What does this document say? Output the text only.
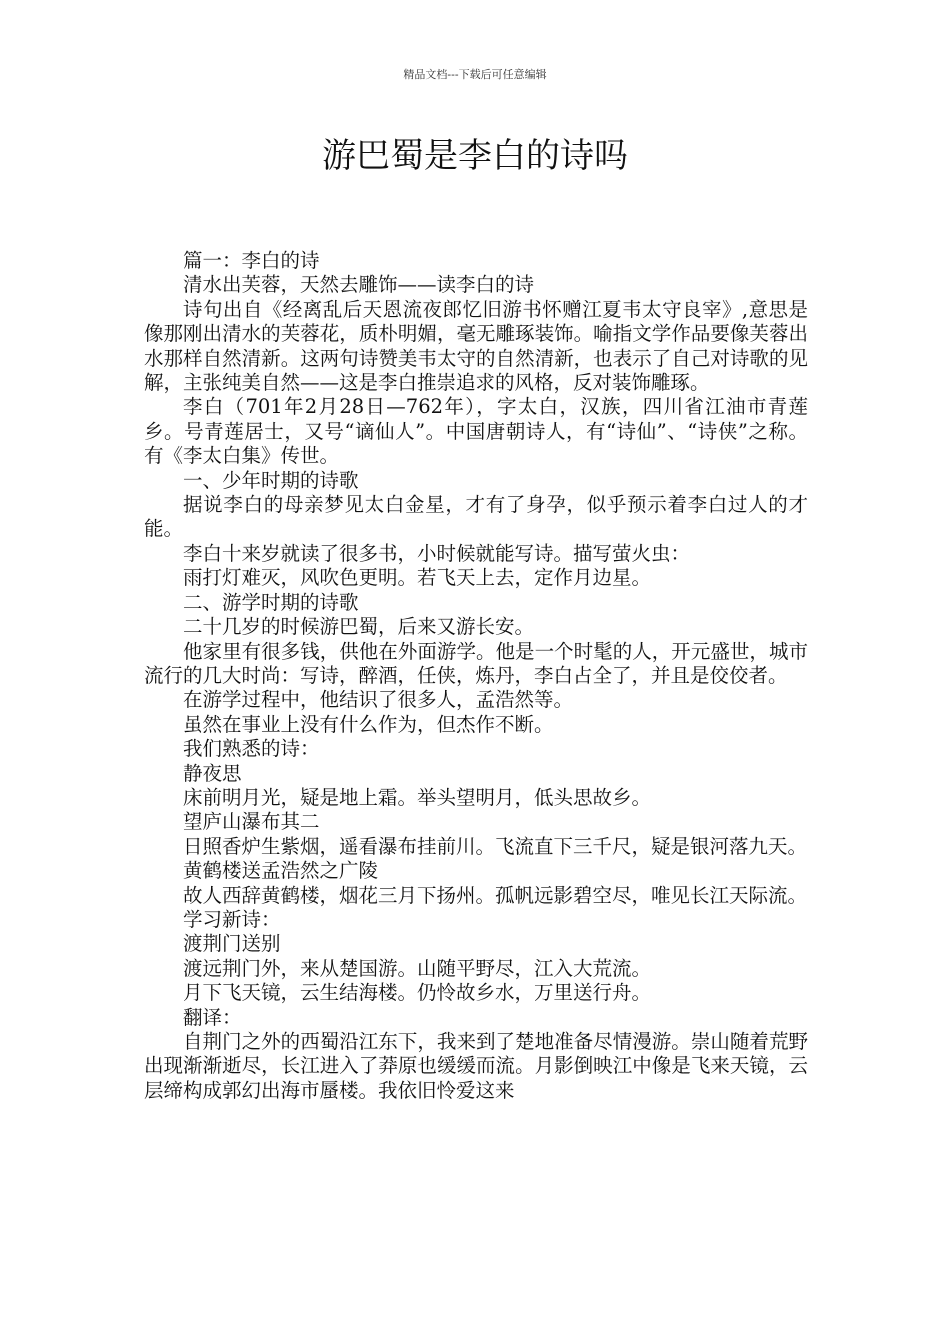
精品文档---下载后可任意编辑
游巴蜀是李白的诗吗

篇一：李白的诗

清水出芙蓉，天然去雕饰——读李白的诗

诗句出自《经离乱后天恩流夜郎忆旧游书怀赠江夏韦太守良宰》,意思是像那刚出清水的芙蓉花，质朴明媚，毫无雕琢装饰。喻指文学作品要像芙蓉出水那样自然清新。这两句诗赞美韦太守的自然清新，也表示了自己对诗歌的见解，主张纯美自然——这是李白推崇追求的风格，反对装饰雕琢。

李白（701年2月28日—762年），字太白，汉族，四川省江油市青莲乡。号青莲居士，又号“谪仙人”。中国唐朝诗人，有“诗仙”、“诗侠”之称。有《李太白集》传世。

一、少年时期的诗歌

据说李白的母亲梦见太白金星，才有了身孕，似乎预示着李白过人的才能。

李白十来岁就读了很多书，小时候就能写诗。描写萤火虫：

雨打灯难灭，风吹色更明。若飞天上去，定作月边星。

二、游学时期的诗歌

二十几岁的时候游巴蜀，后来又游长安。

他家里有很多钱，供他在外面游学。他是一个时髦的人，开元盛世，城市流行的几大时尚：写诗，醉酒，任侠，炼丹，李白占全了，并且是佼佼者。

在游学过程中，他结识了很多人，孟浩然等。

虽然在事业上没有什么作为，但杰作不断。

我们熟悉的诗：

静夜思

床前明月光，疑是地上霜。举头望明月，低头思故乡。

望庐山瀑布其二

日照香炉生紫烟，遥看瀑布挂前川。飞流直下三千尺，疑是银河落九天。

黄鹤楼送孟浩然之广陵

故人西辞黄鹤楼，烟花三月下扬州。孤帆远影碧空尽，唯见长江天际流。

学习新诗：

渡荆门送别

渡远荆门外，来从楚国游。山随平野尽，江入大荒流。

月下飞天镜，云生结海楼。仍怜故乡水，万里送行舟。

翻译：

自荆门之外的西蜀沿江东下，我来到了楚地准备尽情漫游。崇山随着荒野出现渐渐逝尽，长江进入了莽原也缓缓而流。月影倒映江中像是飞来天镜，云层缔构成郭幻出海市蜃楼。我依旧怜爱这来
